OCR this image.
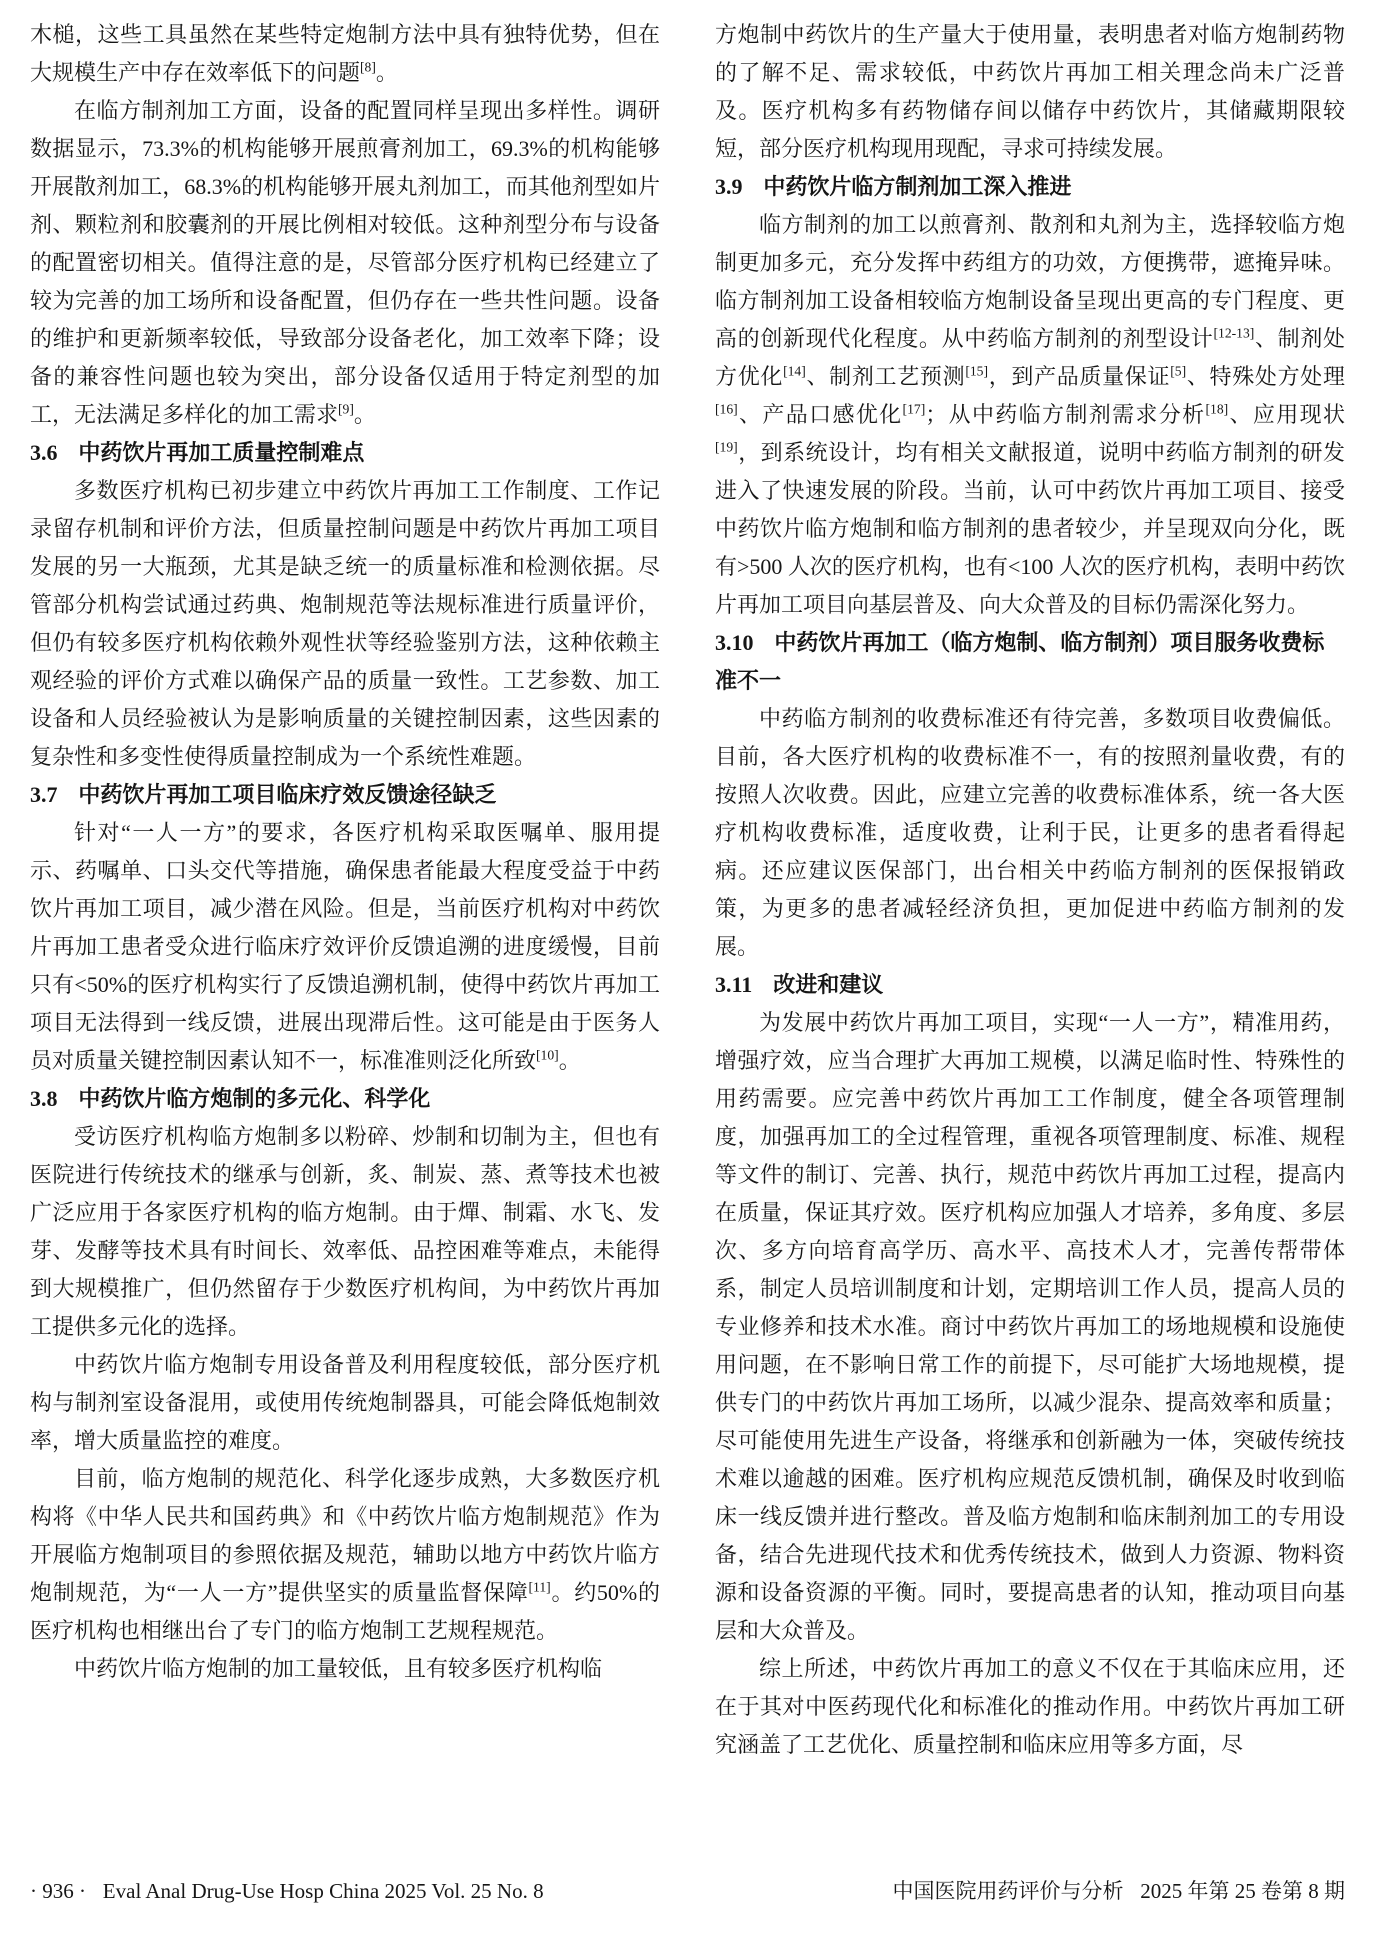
木槌，这些工具虽然在某些特定炮制方法中具有独特优势，但在大规模生产中存在效率低下的问题[8]。

在临方制剂加工方面，设备的配置同样呈现出多样性。调研数据显示，73.3%的机构能够开展煎膏剂加工，69.3%的机构能够开展散剂加工，68.3%的机构能够开展丸剂加工，而其他剂型如片剂、颗粒剂和胶囊剂的开展比例相对较低。这种剂型分布与设备的配置密切相关。值得注意的是，尽管部分医疗机构已经建立了较为完善的加工场所和设备配置，但仍存在一些共性问题。设备的维护和更新频率较低，导致部分设备老化，加工效率下降；设备的兼容性问题也较为突出，部分设备仅适用于特定剂型的加工，无法满足多样化的加工需求[9]。

3.6 中药饮片再加工质量控制难点

多数医疗机构已初步建立中药饮片再加工工作制度、工作记录留存机制和评价方法，但质量控制问题是中药饮片再加工项目发展的另一大瓶颈，尤其是缺乏统一的质量标准和检测依据。尽管部分机构尝试通过药典、炮制规范等法规标准进行质量评价，但仍有较多医疗机构依赖外观性状等经验鉴别方法，这种依赖主观经验的评价方式难以确保产品的质量一致性。工艺参数、加工设备和人员经验被认为是影响质量的关键控制因素，这些因素的复杂性和多变性使得质量控制成为一个系统性难题。

3.7 中药饮片再加工项目临床疗效反馈途径缺乏

针对“一人一方”的要求，各医疗机构采取医嘱单、服用提示、药嘱单、口头交代等措施，确保患者能最大程度受益于中药饮片再加工项目，减少潜在风险。但是，当前医疗机构对中药饮片再加工患者受众进行临床疗效评价反馈追溯的进度缓慢，目前只有<50%的医疗机构实行了反馈追溯机制，使得中药饮片再加工项目无法得到一线反馈，进展出现滞后性。这可能是由于医务人员对质量关键控制因素认知不一，标准准则泛化所致[10]。

3.8 中药饮片临方炮制的多元化、科学化

受访医疗机构临方炮制多以粉碎、炒制和切制为主，但也有医院进行传统技术的继承与创新，炙、制炭、蒸、煮等技术也被广泛应用于各家医疗机构的临方炮制。由于燀、制霜、水飞、发芽、发酵等技术具有时间长、效率低、品控困难等难点，未能得到大规模推广，但仍然留存于少数医疗机构间，为中药饮片再加工提供多元化的选择。

中药饮片临方炮制专用设备普及利用程度较低，部分医疗机构与制剂室设备混用，或使用传统炮制器具，可能会降低炮制效率，增大质量监控的难度。

目前，临方炮制的规范化、科学化逐步成熟，大多数医疗机构将《中华人民共和国药典》和《中药饮片临方炮制规范》作为开展临方炮制项目的参照依据及规范，辅助以地方中药饮片临方炮制规范，为“一人一方”提供坚实的质量监督保障[11]。约50%的医疗机构也相继出台了专门的临方炮制工艺规程规范。

中药饮片临方炮制的加工量较低，且有较多医疗机构临

方炮制中药饮片的生产量大于使用量，表明患者对临方炮制药物的了解不足、需求较低，中药饮片再加工相关理念尚未广泛普及。医疗机构多有药物储存间以储存中药饮片，其储藏期限较短，部分医疗机构现用现配，寻求可持续发展。

3.9 中药饮片临方制剂加工深入推进

临方制剂的加工以煎膏剂、散剂和丸剂为主，选择较临方炮制更加多元，充分发挥中药组方的功效，方便携带，遮掩异味。临方制剂加工设备相较临方炮制设备呈现出更高的专门程度、更高的创新现代化程度。从中药临方制剂的剂型设计[12-13]、制剂处方优化[14]、制剂工艺预测[15]，到产品质量保证[5]、特殊处方处理[16]、产品口感优化[17]；从中药临方制剂需求分析[18]、应用现状[19]，到系统设计，均有相关文献报道，说明中药临方制剂的研发进入了快速发展的阶段。当前，认可中药饮片再加工项目、接受中药饮片临方炮制和临方制剂的患者较少，并呈现双向分化，既有>500 人次的医疗机构，也有<100 人次的医疗机构，表明中药饮片再加工项目向基层普及、向大众普及的目标仍需深化努力。

3.10 中药饮片再加工（临方炮制、临方制剂）项目服务收费标准不一

中药临方制剂的收费标准还有待完善，多数项目收费偏低。目前，各大医疗机构的收费标准不一，有的按照剂量收费，有的按照人次收费。因此，应建立完善的收费标准体系，统一各大医疗机构收费标准，适度收费，让利于民，让更多的患者看得起病。还应建议医保部门，出台相关中药临方制剂的医保报销政策，为更多的患者减轻经济负担，更加促进中药临方制剂的发展。

3.11 改进和建议

为发展中药饮片再加工项目，实现“一人一方”，精准用药，增强疗效，应当合理扩大再加工规模，以满足临时性、特殊性的用药需要。应完善中药饮片再加工工作制度，健全各项管理制度，加强再加工的全过程管理，重视各项管理制度、标准、规程等文件的制订、完善、执行，规范中药饮片再加工过程，提高内在质量，保证其疗效。医疗机构应加强人才培养，多角度、多层次、多方向培育高学历、高水平、高技术人才，完善传帮带体系，制定人员培训制度和计划，定期培训工作人员，提高人员的专业修养和技术水准。商讨中药饮片再加工的场地规模和设施使用问题，在不影响日常工作的前提下，尽可能扩大场地规模，提供专门的中药饮片再加工场所，以减少混杂、提高效率和质量；尽可能使用先进生产设备，将继承和创新融为一体，突破传统技术难以逾越的困难。医疗机构应规范反馈机制，确保及时收到临床一线反馈并进行整改。普及临方炮制和临床制剂加工的专用设备，结合先进现代技术和优秀传统技术，做到人力资源、物料资源和设备资源的平衡。同时，要提高患者的认知，推动项目向基层和大众普及。

综上所述，中药饮片再加工的意义不仅在于其临床应用，还在于其对中医药现代化和标准化的推动作用。中药饮片再加工研究涵盖了工艺优化、质量控制和临床应用等多方面，尽

· 936 · Eval Anal Drug-Use Hosp China 2025 Vol. 25 No. 8	中国医院用药评价与分析 2025 年第 25 卷第 8 期
